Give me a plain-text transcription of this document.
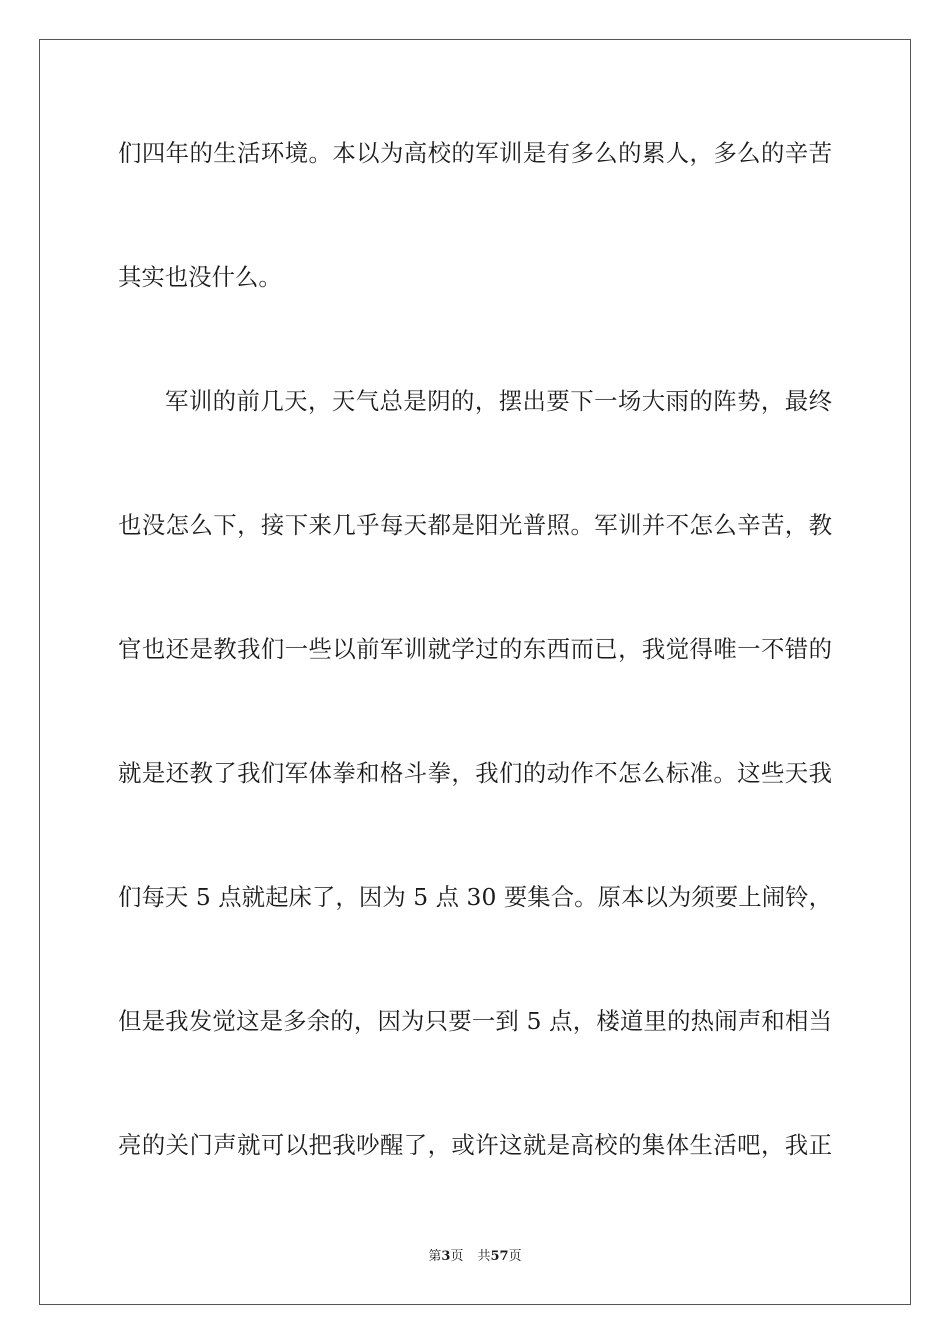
们四年的生活环境。本以为高校的军训是有多么的累人，多么的辛苦
其实也没什么。
军训的前几天，天气总是阴的，摆出要下一场大雨的阵势，最终
也没怎么下，接下来几乎每天都是阳光普照。军训并不怎么辛苦，教
官也还是教我们一些以前军训就学过的东西而已，我觉得唯一不错的
就是还教了我们军体拳和格斗拳，我们的动作不怎么标准。这些天我
们每天 5 点就起床了，因为 5 点 30 要集合。原本以为须要上闹铃，
但是我发觉这是多余的，因为只要一到 5 点，楼道里的热闹声和相当
亮的关门声就可以把我吵醒了，或许这就是高校的集体生活吧，我正
第3页 共57页
